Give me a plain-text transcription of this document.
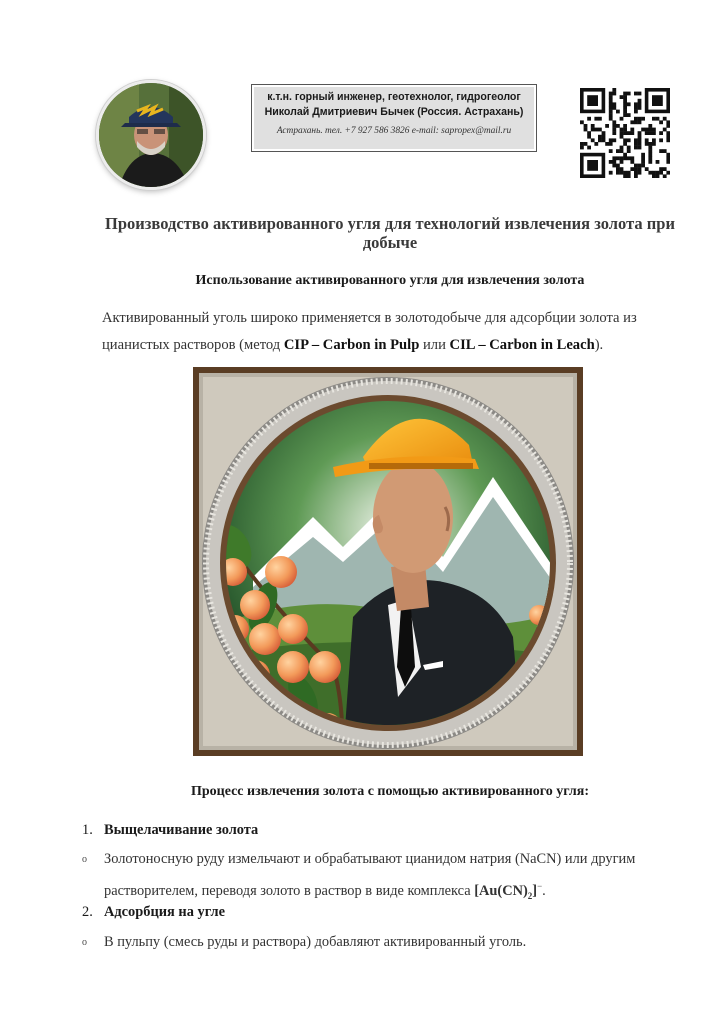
к.т.н. горный инженер, геотехнолог, гидрогеолог
Николай Дмитриевич Бычек (Россия. Астрахань)
Астрахань. тел. +7 927 586 3826 e-mail: sapropex@mail.ru
Производство активированного угля для технологий извлечения золота при добыче
Использование активированного угля для извлечения золота
Активированный уголь широко применяется в золотодобыче для адсорбции золота из цианистых растворов (метод CIP – Carbon in Pulp или CIL – Carbon in Leach).
Процесс извлечения золота с помощью активированного угля:
1. Выщелачивание золота
o Золотоносную руду измельчают и обрабатывают цианидом натрия (NaCN) или другим растворителем, переводя золото в раствор в виде комплекса $[Au(CN)_2]^-$.
2. Адсорбция на угле
o В пульпу (смесь руды и раствора) добавляют активированный уголь.
